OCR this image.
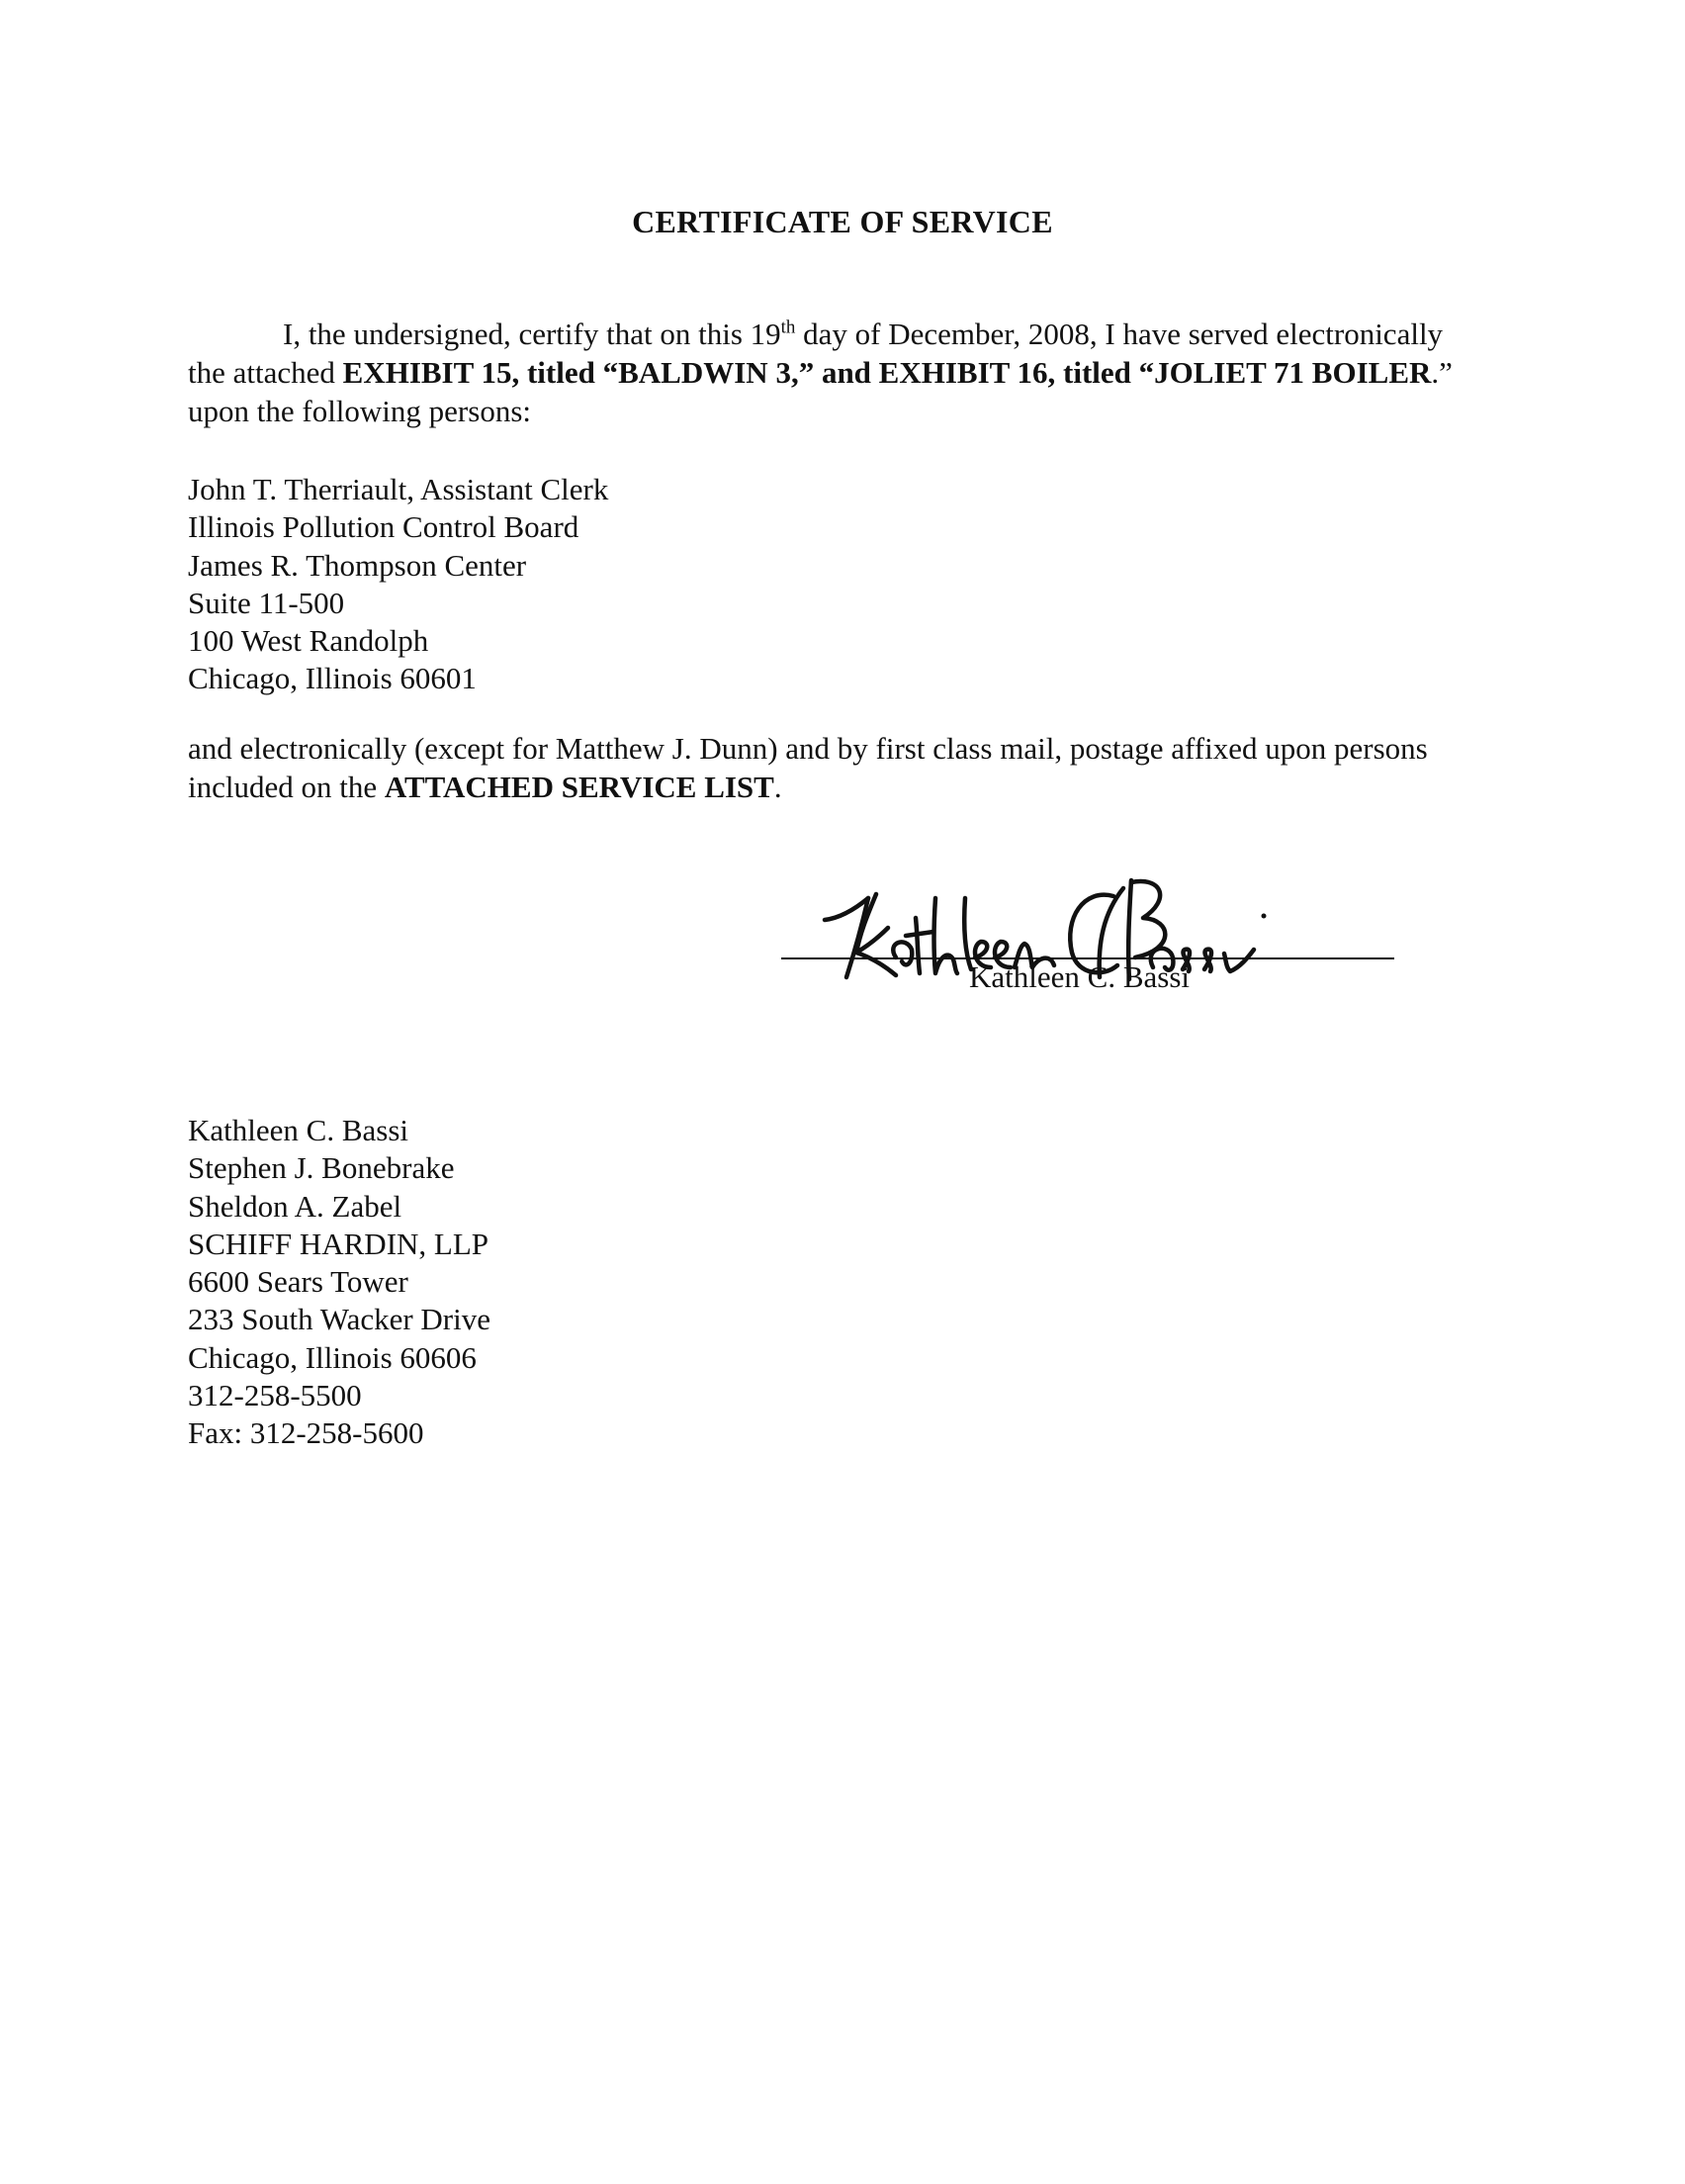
CERTIFICATE OF SERVICE
I, the undersigned, certify that on this 19th day of December, 2008, I have served electronically the attached EXHIBIT 15, titled “BALDWIN 3,” and EXHIBIT 16, titled “JOLIET 71 BOILER.” upon the following persons:
John T. Therriault, Assistant Clerk
Illinois Pollution Control Board
James R. Thompson Center
Suite 11-500
100 West Randolph
Chicago, Illinois 60601
and electronically (except for Matthew J. Dunn) and by first class mail, postage affixed upon persons included on the ATTACHED SERVICE LIST.
Kathleen C. Bassi
Kathleen C. Bassi
Stephen J. Bonebrake
Sheldon A. Zabel
SCHIFF HARDIN, LLP
6600 Sears Tower
233 South Wacker Drive
Chicago, Illinois 60606
312-258-5500
Fax: 312-258-5600
